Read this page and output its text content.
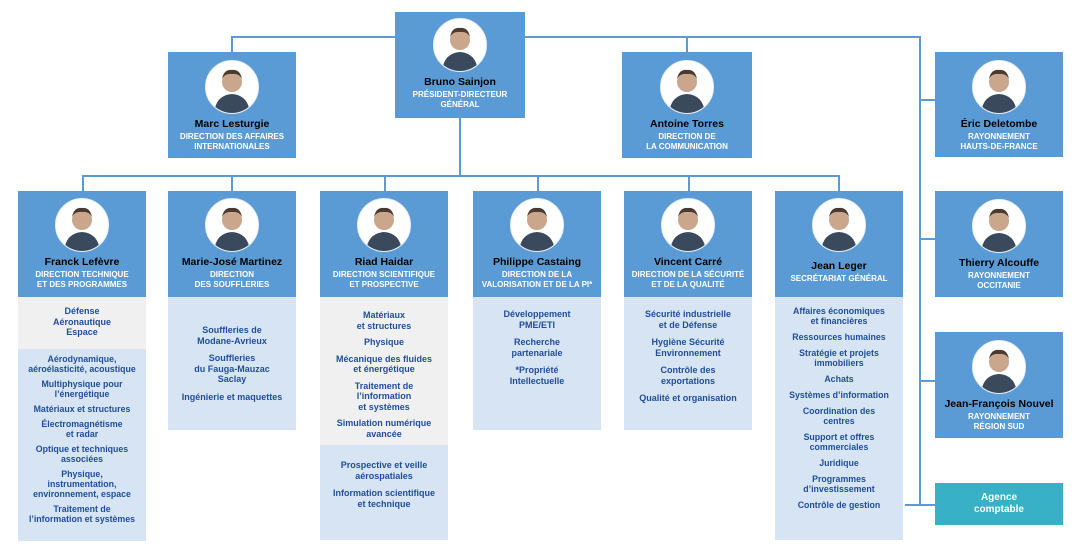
Bruno Sainjon
PRÉSIDENT-DIRECTEUR
GÉNÉRAL
Marc Lesturgie
DIRECTION DES AFFAIRES
INTERNATIONALES
Antoine Torres
DIRECTION DE
LA COMMUNICATION
Éric Deletombe
RAYONNEMENT
HAUTS-DE-FRANCE
Thierry Alcouffe
RAYONNEMENT
OCCITANIE
Jean-François Nouvel
RAYONNEMENT
RÉGION SUD
Agence
comptable
Franck Lefèvre
DIRECTION TECHNIQUE
ET DES PROGRAMMES
Défense
Aéronautique
Espace
Aérodynamique,
aéroélasticité, acoustique
Multiphysique pour
l’énergétique
Matériaux et structures
Électromagnétisme
et radar
Optique et techniques
associées
Physique,
instrumentation,
environnement, espace
Traitement de
l’information et systèmes
Marie-José Martinez
DIRECTION
DES SOUFFLERIES
Souffleries de
Modane-Avrieux
Souffleries
du Fauga-Mauzac
Saclay
Ingénierie et maquettes
Riad Haidar
DIRECTION SCIENTIFIQUE
ET PROSPECTIVE
Matériaux
et structures
Physique
Mécanique des fluides
et énergétique
Traitement de
l’information
et systèmes
Simulation numérique
avancée
Prospective et veille
aérospatiales
Information scientifique
et technique
Philippe Castaing
DIRECTION DE LA
VALORISATION ET DE LA PI*
Développement
PME/ETI
Recherche
partenariale
*Propriété
Intellectuelle
Vincent Carré
DIRECTION DE LA SÉCURITÉ
ET DE LA QUALITÉ
Sécurité industrielle
et de Défense
Hygiène Sécurité
Environnement
Contrôle des
exportations
Qualité et organisation
Jean Leger
SECRÉTARIAT GÉNÉRAL
Affaires économiques
et financières
Ressources humaines
Stratégie et projets
immobiliers
Achats
Systèmes d’information
Coordination des
centres
Support et offres
commerciales
Juridique
Programmes
d’investissement
Contrôle de gestion
